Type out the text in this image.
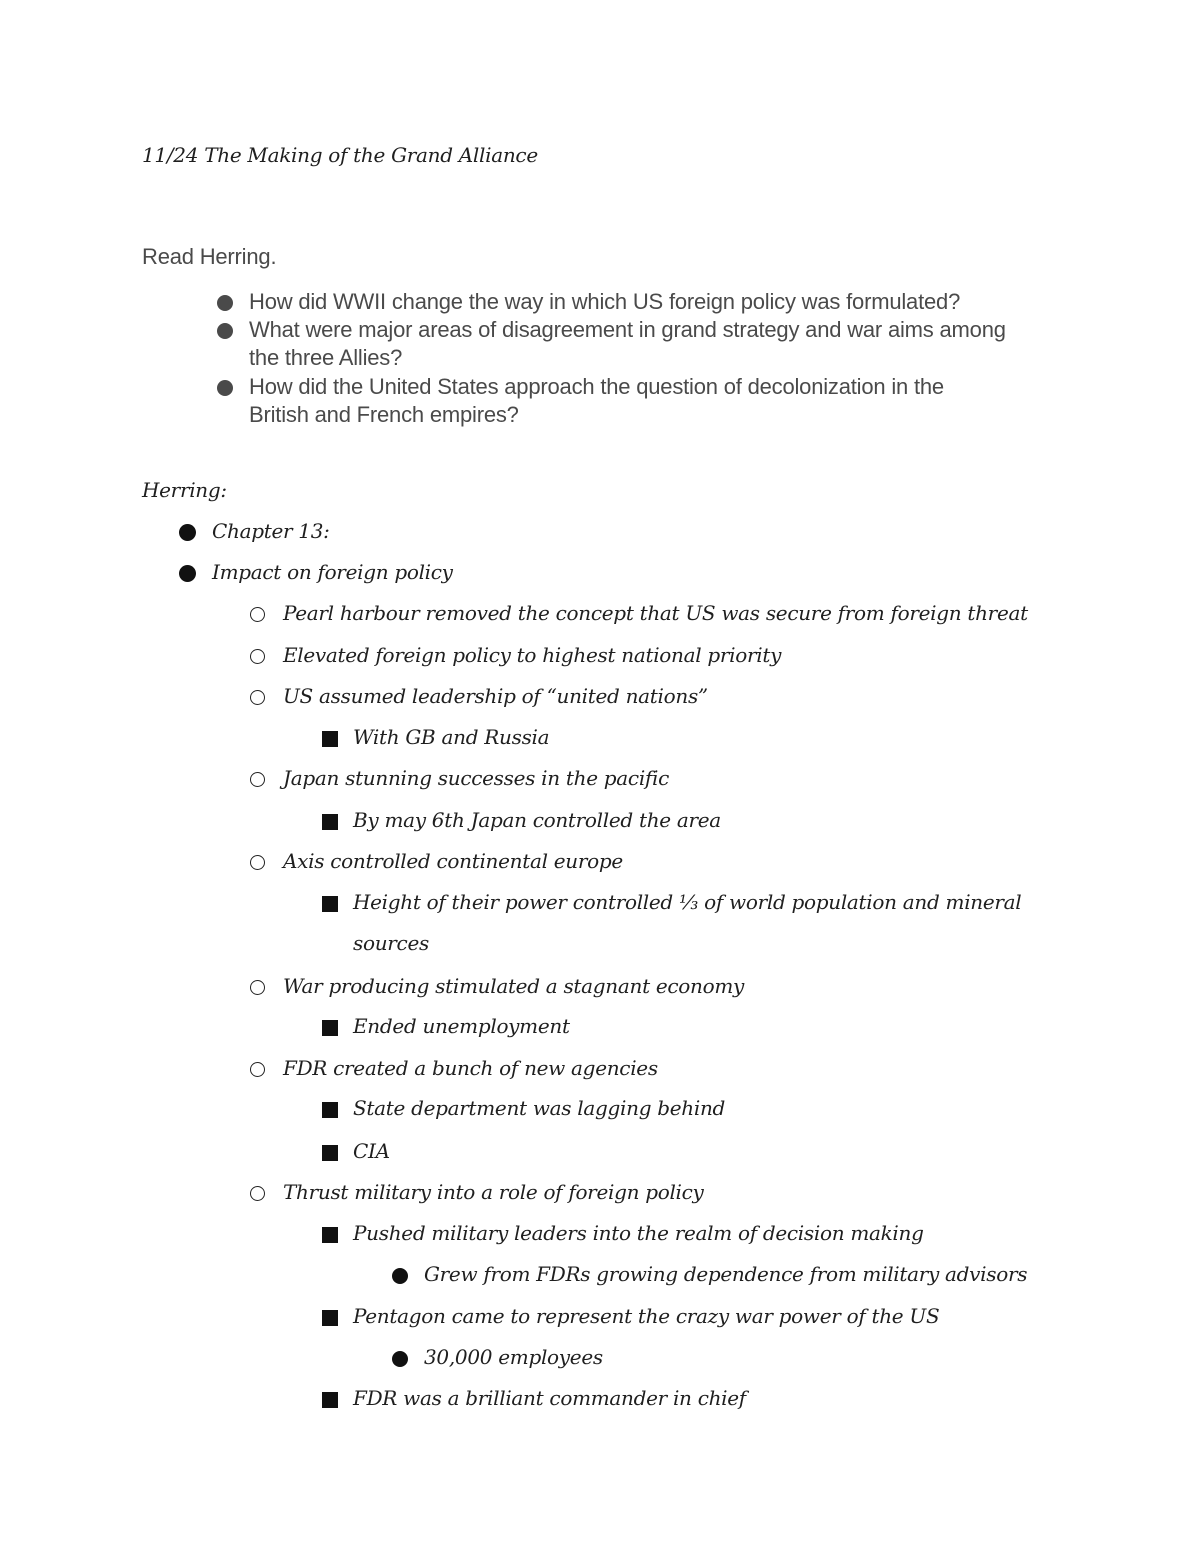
11/24 The Making of the Grand Alliance
Read Herring.
How did WWII change the way in which US foreign policy was formulated?
What were major areas of disagreement in grand strategy and war aims among
the three Allies?
How did the United States approach the question of decolonization in the
British and French empires?
Herring:
Chapter 13:
Impact on foreign policy
Pearl harbour removed the concept that US was secure from foreign threat
Elevated foreign policy to highest national priority
US assumed leadership of “united nations”
With GB and Russia
Japan stunning successes in the pacific
By may 6th Japan controlled the area
Axis controlled continental europe
Height of their power controlled ⅓ of world population and mineral
sources
War producing stimulated a stagnant economy
Ended unemployment
FDR created a bunch of new agencies
State department was lagging behind
CIA
Thrust military into a role of foreign policy
Pushed military leaders into the realm of decision making
Grew from FDRs growing dependence from military advisors
Pentagon came to represent the crazy war power of the US
30,000 employees
FDR was a brilliant commander in chief
